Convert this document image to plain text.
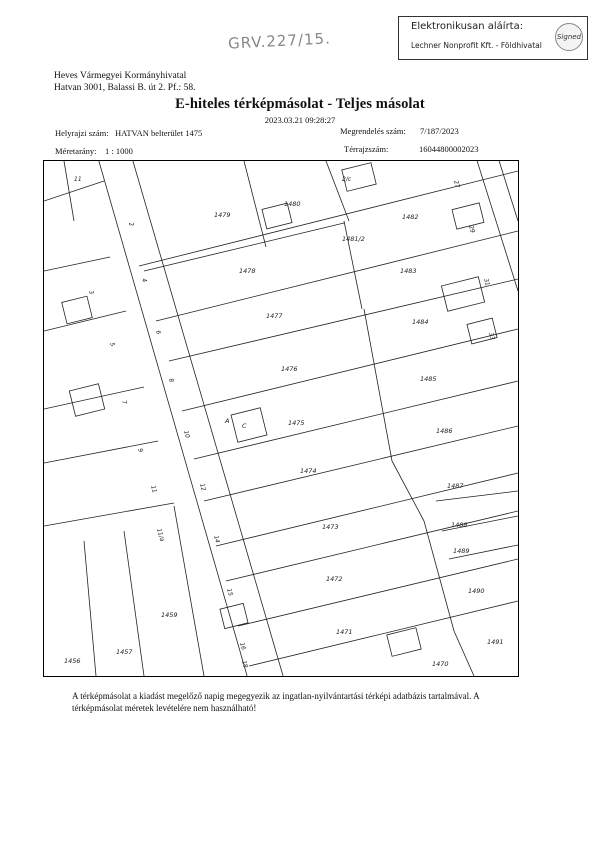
GRV.227/15.
Elektronikusan aláírta:
Lechner Nonprofit Kft. - Földhivatal
Signed
Heves Vármegyei Kormányhivatal
Hatvan 3001, Balassi B. út 2. Pf.: 58.
E-hiteles térképmásolat - Teljes másolat
2023.03.21 09:28:27
Helyrajzi szám: HATVAN belterület 1475	Megrendelés szám: 7/187/2023
Méretarány: 1 : 1000	Térrajzszám:	16044800002023
1479
1480
1481/2
1482
1483
1478
1477
1484
1476
1485
1475
1486
1474
1487
1473	1488
1489
1472
1490
1471
1491
1470
1459
1457
1456
11	2/c
27
2
29
4	31
33
3
6
5
8
7
10
9
11	12
14
15
16
18
11/a
A
C
A térképmásolat a kiadást megelőző napig megegyezik az ingatlan-nyilvántartási térképi adatbázis tartalmával. A
térképmásolat méretek levételére nem használható!
